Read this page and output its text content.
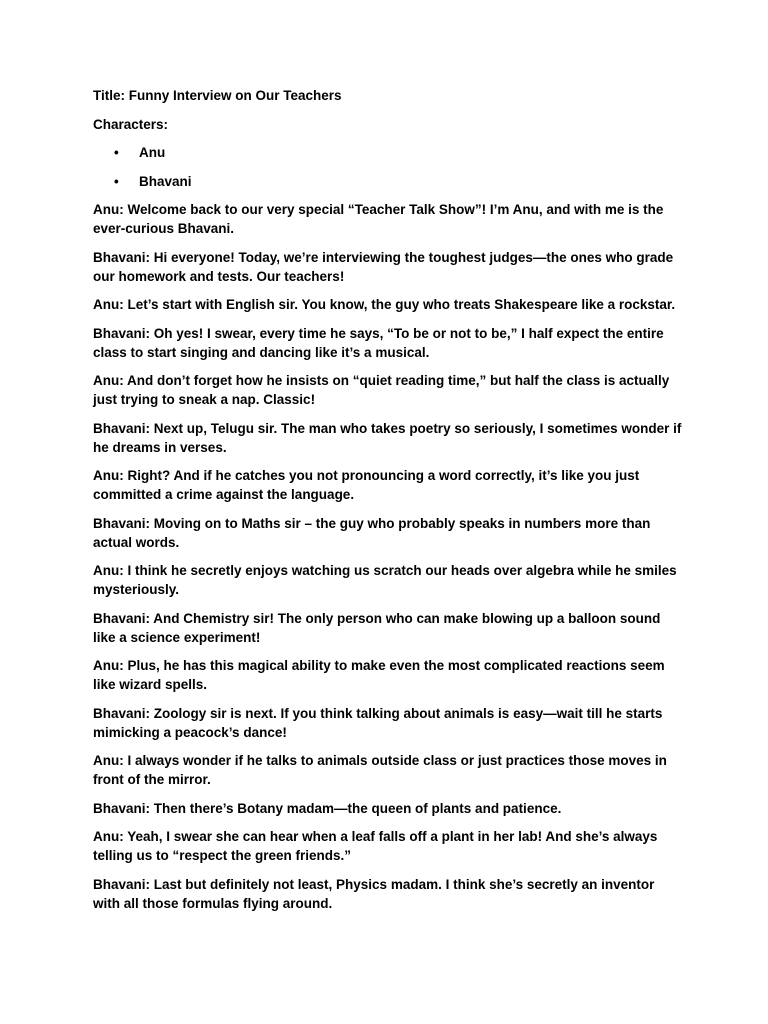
Title: Funny Interview on Our Teachers
Characters:
• Anu
• Bhavani
Anu: Welcome back to our very special “Teacher Talk Show”! I’m Anu, and with me is the ever-curious Bhavani.
Bhavani: Hi everyone! Today, we’re interviewing the toughest judges—the ones who grade our homework and tests. Our teachers!
Anu: Let’s start with English sir. You know, the guy who treats Shakespeare like a rockstar.
Bhavani: Oh yes! I swear, every time he says, “To be or not to be,” I half expect the entire class to start singing and dancing like it’s a musical.
Anu: And don’t forget how he insists on “quiet reading time,” but half the class is actually just trying to sneak a nap. Classic!
Bhavani: Next up, Telugu sir. The man who takes poetry so seriously, I sometimes wonder if he dreams in verses.
Anu: Right? And if he catches you not pronouncing a word correctly, it’s like you just committed a crime against the language.
Bhavani: Moving on to Maths sir – the guy who probably speaks in numbers more than actual words.
Anu: I think he secretly enjoys watching us scratch our heads over algebra while he smiles mysteriously.
Bhavani: And Chemistry sir! The only person who can make blowing up a balloon sound like a science experiment!
Anu: Plus, he has this magical ability to make even the most complicated reactions seem like wizard spells.
Bhavani: Zoology sir is next. If you think talking about animals is easy—wait till he starts mimicking a peacock’s dance!
Anu: I always wonder if he talks to animals outside class or just practices those moves in front of the mirror.
Bhavani: Then there’s Botany madam—the queen of plants and patience.
Anu: Yeah, I swear she can hear when a leaf falls off a plant in her lab! And she’s always telling us to “respect the green friends.”
Bhavani: Last but definitely not least, Physics madam. I think she’s secretly an inventor with all those formulas flying around.
